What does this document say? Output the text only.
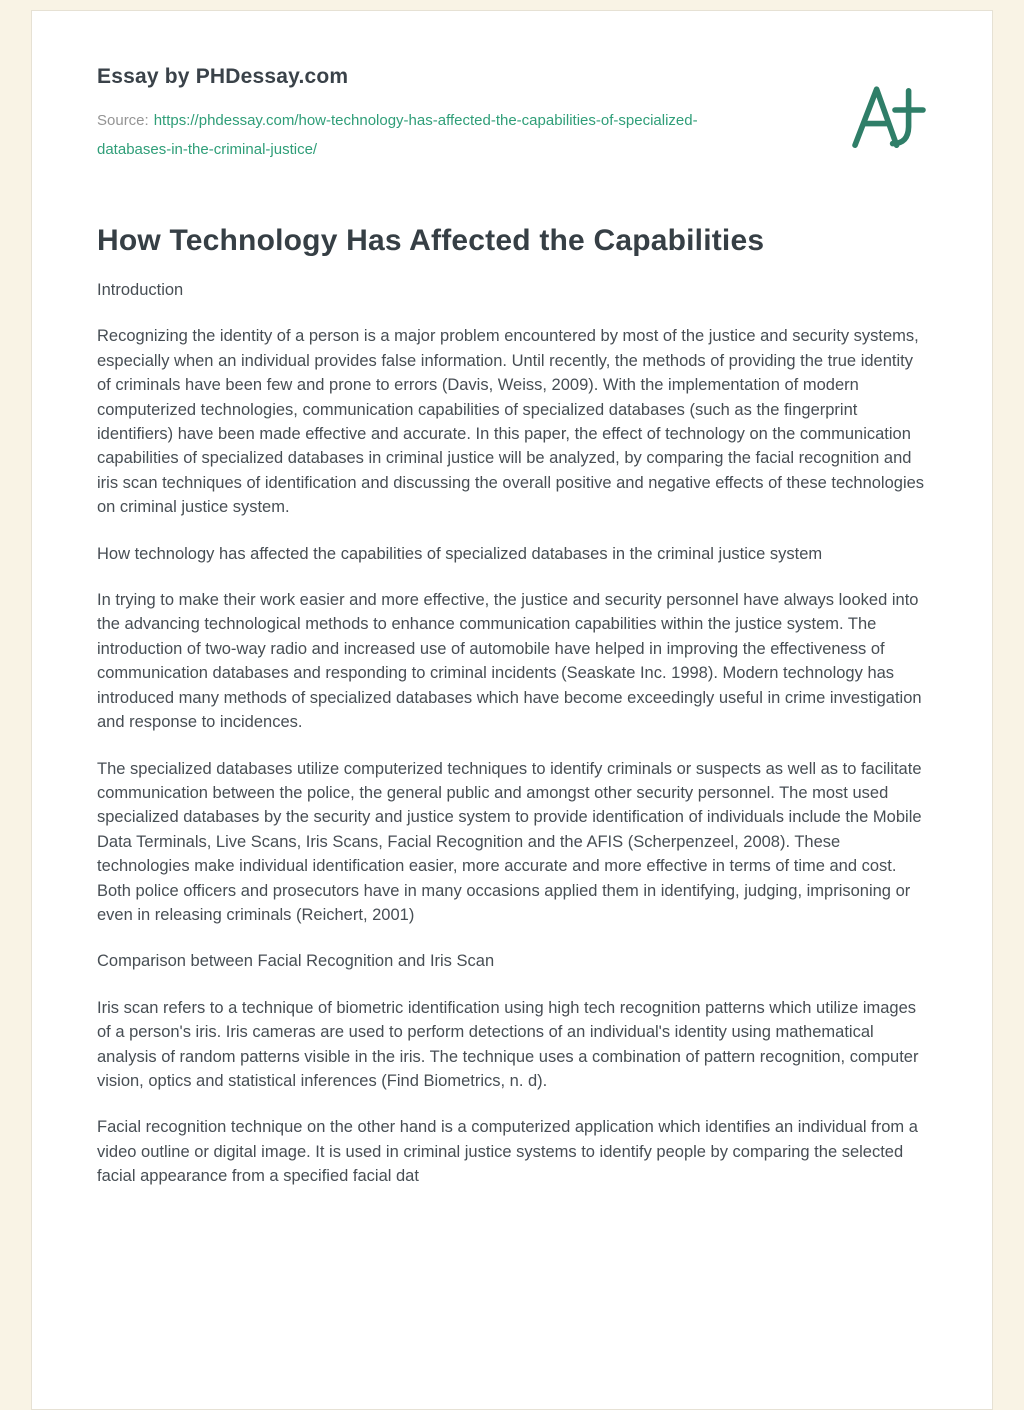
Essay by PHDessay.com
Source: https://phdessay.com/how-technology-has-affected-the-capabilities-of-specialized-databases-in-the-criminal-justice/
How Technology Has Affected the Capabilities

Introduction

Recognizing the identity of a person is a major problem encountered by most of the justice and security systems, especially when an individual provides false information. Until recently, the methods of providing the true identity of criminals have been few and prone to errors (Davis, Weiss, 2009). With the implementation of modern computerized technologies, communication capabilities of specialized databases (such as the fingerprint identifiers) have been made effective and accurate. In this paper, the effect of technology on the communication capabilities of specialized databases in criminal justice will be analyzed, by comparing the facial recognition and iris scan techniques of identification and discussing the overall positive and negative effects of these technologies on criminal justice system.

How technology has affected the capabilities of specialized databases in the criminal justice system

In trying to make their work easier and more effective, the justice and security personnel have always looked into the advancing technological methods to enhance communication capabilities within the justice system. The introduction of two-way radio and increased use of automobile have helped in improving the effectiveness of communication databases and responding to criminal incidents (Seaskate Inc. 1998). Modern technology has introduced many methods of specialized databases which have become exceedingly useful in crime investigation and response to incidences.

The specialized databases utilize computerized techniques to identify criminals or suspects as well as to facilitate communication between the police, the general public and amongst other security personnel. The most used specialized databases by the security and justice system to provide identification of individuals include the Mobile Data Terminals, Live Scans, Iris Scans, Facial Recognition and the AFIS (Scherpenzeel, 2008). These technologies make individual identification easier, more accurate and more effective in terms of time and cost. Both police officers and prosecutors have in many occasions applied them in identifying, judging, imprisoning or even in releasing criminals (Reichert, 2001)

Comparison between Facial Recognition and Iris Scan

Iris scan refers to a technique of biometric identification using high tech recognition patterns which utilize images of a person's iris. Iris cameras are used to perform detections of an individual's identity using mathematical analysis of random patterns visible in the iris. The technique uses a combination of pattern recognition, computer vision, optics and statistical inferences (Find Biometrics, n. d).

Facial recognition technique on the other hand is a computerized application which identifies an individual from a video outline or digital image. It is used in criminal justice systems to identify people by comparing the selected facial appearance from a specified facial dat
